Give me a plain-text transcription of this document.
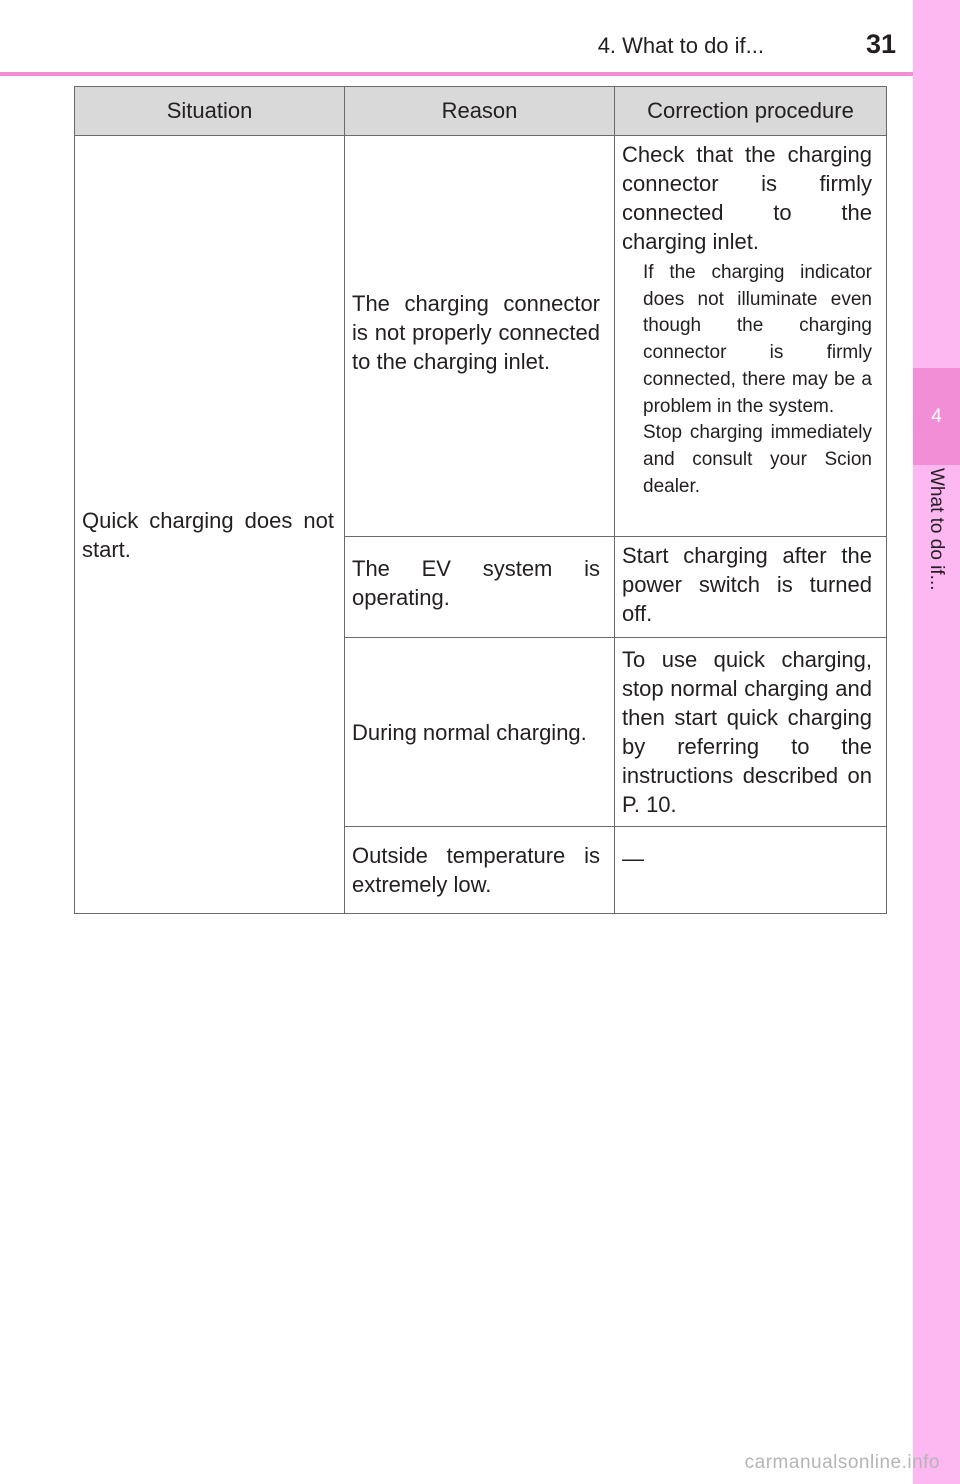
4. What to do if...	31
4
What to do if...
Situation	Reason	Correction procedure

Quick charging does not start.	The charging connector is not properly connected to the charging inlet.	Check that the charging connector is firmly connected to the charging inlet.

If the charging indicator does not illuminate even though the charging connector is firmly connected, there may be a problem in the system.

Stop charging immediately and consult your Scion dealer.

	The EV system is operating.	Start charging after the power switch is turned off.

	During normal charging.	To use quick charging, stop normal charging and then start quick charging by referring to the instructions described on P. 10.

	Outside temperature is extremely low.	—
carmanualsonline.info
